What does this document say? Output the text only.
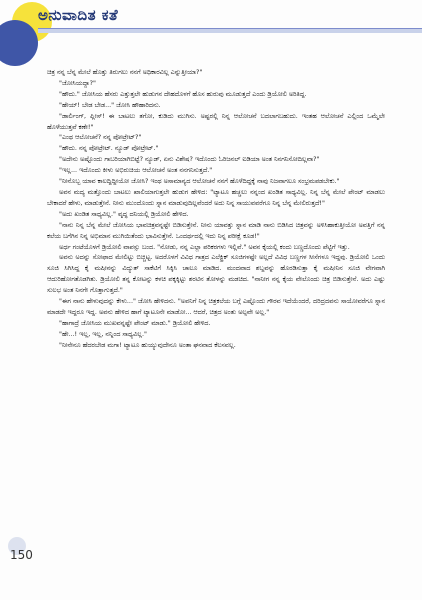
ಅನುವಾದಿತ ಕತೆ

ಚಿತ್ರ ನನ್ನ ಬೆನ್ನ ಮೇಲೆ ಹೊತ್ತು ತಿರುಗಲು ನನಗೆ ಅಧಿಕಾರವಿಲ್ಲ ಎನ್ನುತ್ತೀಯಾ?"

"ಜೋಸಿಯದ್ದಾ?"

"ಹೌದು." ಜೋಸಿಯ ಹೆಸರು ಎತ್ತುತ್ತಲೇ ಹುಡುಗನ ದೇಹದೊಳಗೆ ಹೊಸ ಹುರುಪು ಮೂಡುತ್ತದೆ ಎಂದು ಡ್ರಿಯೋಲಿ ಅರಿತಿದ್ದ.

"ಹೇಯ್! ಬೇಡ ಬೇಡ..." ಜೋಸಿ ಹೌಹಾರಿದನು.

"ಡಾರ್ಲಿಂಗ್, ಪ್ಲೀಸ್! ಈ ಬಾಟಲು ತಗೋ, ಕುಡಿದು ಮುಗಿಸು. ಅಷ್ಟರಲ್ಲಿ ನಿನ್ನ ಆಲೋಚನೆ ಬದಲಾಗಬಹುದು. ಇಂತಹ ಆಲೋಚನೆ ಎಲ್ಲಿಂದ ಒಮ್ಮೆಲೇ ಹೊಳೆಯುತ್ತವೆ ಕಣೇ!"

"ಎಂಥ ಆಲೋಚನೆ? ನನ್ನ ಪೋಟ್ರೇಟ್?"

"ಹೌದು. ನನ್ನ ಪೋಟ್ರೇಟ್. ನ್ಯೂಡ್ ಪೋಟ್ರೇಟ್."

"ಅದೇನು ಅಷ್ಟೊಂದು ಗಾಬರಿಯಾಗಿಬಿಟ್ಟೆ? ನ್ಯೂಡ್, ಏನು ವಿಶೇಷ? ಇದೊಂದು ಓರಿಜನಲ್ ಐಡಿಯಾ ಅಂತ ನಿನಗನಿಸೋದಿಲ್ಲವಾ?"

"ಇಲ್ಲ... ಇದೊಂದು ಕೀಳು ಅಭಿರುಚಿಯ ಆಲೋಚನೆ ಅಂತ ನನಗನಿಸುತ್ತದೆ."

"ನೀನೊಬ್ಬ ಯಾವ ಕಾಲದ್ದಿದ್ದೀಯೋ ಜೋಸಿ? ಇಂಥ ಅಸಾಮಾನ್ಯದ ಆಲೋಚನೆ ನನಗೆ ಹೊಳೆದಿದ್ದಕ್ಕೆ ನಾವು ನಿಜವಾಗಲೂ ಸಂಭ್ರಮಪಡಬೇಕು."

ಅವನ ಮದ್ಯ ಮತ್ತೊಂದು ಬಾಟಲು ಖಾಲಿಯಾಗುತ್ತಲೇ ಹುಡುಗ ಹೇಳಿದ: "ಟ್ಯಾಟೂ ಹಚ್ಚಲು ನನ್ನಂದ ಖಂಡಿತ ಸಾಧ್ಯವಿಲ್ಲ. ನಿನ್ನ ಬೆನ್ನ ಮೇಲೆ ಪೇಂಟ್ ಮಾಡಲು ಬೇಕಾದರೆ ಹೇಳು, ಮಾಡುತ್ತೇನೆ. ನೀನು ಮುಂದೊಂದು ಸ್ನಾನ ಮಾಡುವುದಿಲ್ಲವೆಂದರೆ ಅದು ನಿನ್ನ ಸಾಯುವವರೆಗೂ ನಿನ್ನ ಬೆನ್ನ ಮೇಲಿರುತ್ತದೆ!"

"ಅದು ಖಂಡಿತ ಸಾಧ್ಯವಿಲ್ಲ." ವೃದ್ಧ ದನಿಯಲ್ಲಿ ಡ್ರಿಯೋಲಿ ಹೇಳಿದ.

"ನಾನು ನಿನ್ನ ಬೆನ್ನ ಮೇಲೆ ಜೋಸಿಯ ಭಾವಚಿತ್ರವನ್ನಷ್ಟೇ ಬಿಡಿಸುತ್ತೇನೆ. ನೀನು ಯಾವತ್ತು ಸ್ನಾನ ಮಾಡಿ ನಾನು ಬಿಡಿಸಿದ ಚಿತ್ರವನ್ನು ಅಳಿಸಿಹಾಕುತ್ತೀಯೋ ಅವತ್ತಿಗೆ ನನ್ನ ಕಲೆಯ ಬಗೆಗಿನ ನಿನ್ನ ಅಭಿಮಾನ ಮುಗಿಯಿತೆಂದು ಭಾವಿಸುತ್ತೇನೆ. ಒಂದರ್ಥದಲ್ಲಿ ಇದು ನಿನ್ನ ಪರೀಕ್ಷೆ ಕೂಡ!"

ಅರ್ಧ ಗಂಟೆಯೊಳಗೆ ಡ್ರಿಯೋಲಿ ವಾಪಸ್ಸು ಬಂದ. "ನೋಡು, ನನ್ನ ಎಲ್ಲಾ ಪರಿಕರಗಳು ಇಲ್ಲಿವೆ." ಅವನ ಕೈಯಲ್ಲಿ ಕಂದು ಬಣ್ಣದೊಂದು ಪೆಟ್ಟಿಗೆ ಇತ್ತು.

ಅವನು ಅದನ್ನು ಸೋಫಾದ ಮೇಲಿಟ್ಟು ಬಿಚ್ಚಿಟ್ಟ. ಅದರೊಳಗೆ ವಿವಿಧ ಗಾತ್ರದ ಎಲೆಕ್ಟ್ರಿಕ್ ಸೂಜಿಗಳಷ್ಟೇ ಅಲ್ಲದೆ ವಿವಿಧ ಬಣ್ಣಗಳ ಸೀಸೆಗಳೂ ಇದ್ದವು. ಡ್ರಿಯೋಲಿ ಒಂದು ಸೂಜಿ ಸಿಗಿಸಿದ್ದ ಕೈ ಮಷೀನನ್ನು ವಿದ್ಯುತ್ ಸಾಕೆಟಿಗೆ ಸಿಕ್ಕಿಸಿ ಚಾಲೂ ಮಾಡಿದ. ಮಂದವಾದ ಶಬ್ದವನ್ನು ಹೊರಡಿಸುತ್ತಾ ಕೈ ಮಷೀನಿನ ಸೂಜಿ ವೇಗವಾಗಿ ಆದುರಿಹೋಗತೊಡಗಿತು. ಡ್ರಿಯೋಲಿ ತನ್ನ ಕೋಟನ್ನು ಕಳಚಿ ಪಕ್ಕಕ್ಕಿಟ್ಟು ಶರಟಿನ ತೋಳನ್ನು ಮಡಚಿದ. "ನಾನೀಗ ನನ್ನ ಕೈಯ ವೇಲೊಂದು ಚಿತ್ರ ಬಿಡಿಸುತ್ತೇನೆ. ಅದು ಎಷ್ಟು ಸುಲಭ ಅಂತ ನಿನಗೇ ಗೊತ್ತಾಗುತ್ತದೆ."

"ಈಗ ನಾನು ಹೇಳುವುದನ್ನು ಕೇಳು..." ಜೋಸಿ ಹೇಳಿದನು. "ಅವನಿಗೆ ನಿನ್ನ ಚಿತ್ರಕಲೆಯ ಬಗ್ಗೆ ಎಷ್ಟೊಂದು ಗೌರವ ಇದೆಯೆಂದರೆ, ದರಿದ್ರದವನು ಸಾಯೋವರೆಗೂ ಸ್ನಾನ ಮಾಡದೇ ಇದ್ದರೂ ಇದ್ದ. ಅವನು ಹೇಳಿದ ಹಾಗೆ ಟ್ಯಾಟೂನೇ ಮಾಡೋ... ಆದರೆ, ಚಿತ್ರದ ಅಂತು ಅಲ್ಪವೇ ಅಲ್ಲ."

"ಹಾಗಾದ್ರೆ ಜೋಸಿಯ ಮುಖವನ್ನಷ್ಟೇ ಪೇಂಟ್ ಮಾಡು." ಡ್ರಿಯೋಲಿ ಹೇಳಿದ.

"ಹೇ...! ಇಲ್ಲ, ಇಲ್ಲ, ನನ್ನಿಂದ ಸಾಧ್ಯವಿಲ್ಲ."

"ನೀನೇನೂ ಹೆದರಬೇಡ ಮಗಾ! ಟ್ಯಾಟೂ ಹುಯ್ಯುವುದೇನೂ ಅಂತಾ ಘನವಾದ ಕೆಲಸವಲ್ಲ.

150
